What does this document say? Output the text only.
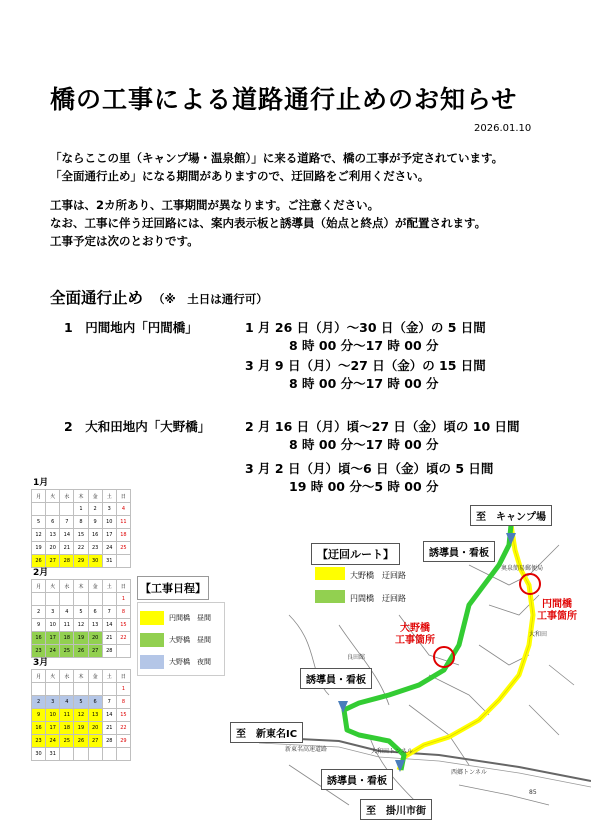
橋の工事による道路通行止めのお知らせ
2026.01.10
「ならここの里（キャンプ場・温泉館）」に来る道路で、橋の工事が予定されています。
「全面通行止め」になる期間がありますので、迂回路をご利用ください。
工事は、2カ所あり、工事期間が異なります。ご注意ください。
なお、工事に伴う迂回路には、案内表示板と誘導員（始点と終点）が配置されます。
工事予定は次のとおりです。
全面通行止め （※　土日は通行可）
1　円間地内「円間橋」	1 月 26 日（月）～30 日（金）の 5 日間
8 時 00 分～17 時 00 分
3 月 9 日（月）～27 日（金）の 15 日間
8 時 00 分～17 時 00 分
2　大和田地内「大野橋」	2 月 16 日（月）頃～27 日（金）頃の 10 日間
8 時 00 分～17 時 00 分
3 月 2 日（月）頃～6 日（金）頃の 5 日間
19 時 00 分～5 時 00 分
1月
月	火	水	木	金	土	日
			1	2	3	4
5	6	7	8	9	10	11
12	13	14	15	16	17	18
19	20	21	22	23	24	25
26	27	28	29	30	31	
2月
月	火	水	木	金	土	日
						1
2	3	4	5	6	7	8
9	10	11	12	13	14	15
16	17	18	19	20	21	22
23	24	25	26	27	28	
3月
月	火	水	木	金	土	日
						1
2	3	4	5	6	7	8
9	10	11	12	13	14	15
16	17	18	19	20	21	22
23	24	25	26	27	28	29
30	31					
【工事日程】
円間橋　昼間
大野橋　昼間
大野橋　夜間
【迂回ルート】
大野橋　迂回路
円間橋　迂回路
至　キャンプ場
誘導員・看板
誘導員・看板
至　新東名IC
誘導員・看板
至　掛川市街
円間橋
工事箇所
大野橋
工事箇所
奥泉簡易郵便局
大和田
良田館
新東名高速道路	大和田トンネル
西郷トンネル
85
